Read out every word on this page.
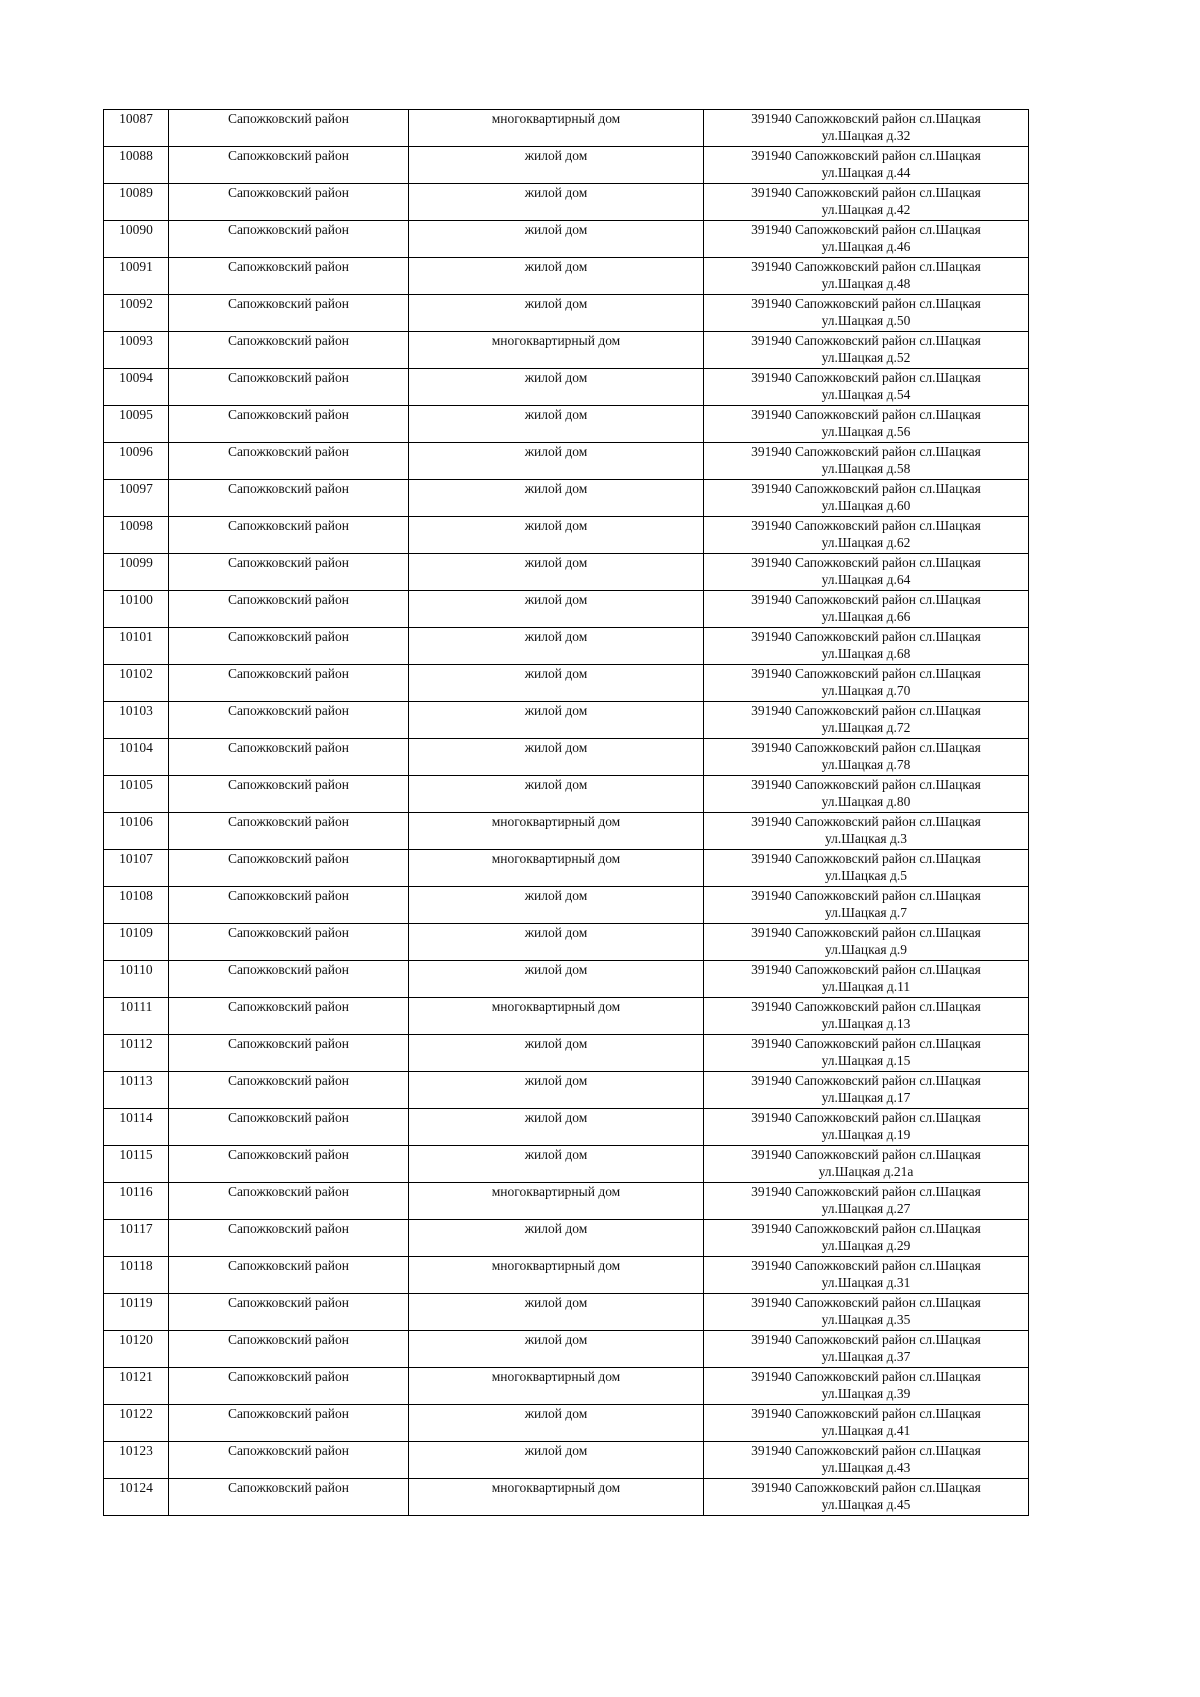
10087	Сапожковский район	многоквартирный дом	391940 Сапожковский район сл.Шацкая
ул.Шацкая д.32

10088	Сапожковский район	жилой дом	391940 Сапожковский район сл.Шацкая
ул.Шацкая д.44

10089	Сапожковский район	жилой дом	391940 Сапожковский район сл.Шацкая
ул.Шацкая д.42

10090	Сапожковский район	жилой дом	391940 Сапожковский район сл.Шацкая
ул.Шацкая д.46

10091	Сапожковский район	жилой дом	391940 Сапожковский район сл.Шацкая
ул.Шацкая д.48

10092	Сапожковский район	жилой дом	391940 Сапожковский район сл.Шацкая
ул.Шацкая д.50

10093	Сапожковский район	многоквартирный дом	391940 Сапожковский район сл.Шацкая
ул.Шацкая д.52

10094	Сапожковский район	жилой дом	391940 Сапожковский район сл.Шацкая
ул.Шацкая д.54

10095	Сапожковский район	жилой дом	391940 Сапожковский район сл.Шацкая
ул.Шацкая д.56

10096	Сапожковский район	жилой дом	391940 Сапожковский район сл.Шацкая
ул.Шацкая д.58

10097	Сапожковский район	жилой дом	391940 Сапожковский район сл.Шацкая
ул.Шацкая д.60

10098	Сапожковский район	жилой дом	391940 Сапожковский район сл.Шацкая
ул.Шацкая д.62

10099	Сапожковский район	жилой дом	391940 Сапожковский район сл.Шацкая
ул.Шацкая д.64

10100	Сапожковский район	жилой дом	391940 Сапожковский район сл.Шацкая
ул.Шацкая д.66

10101	Сапожковский район	жилой дом	391940 Сапожковский район сл.Шацкая
ул.Шацкая д.68

10102	Сапожковский район	жилой дом	391940 Сапожковский район сл.Шацкая
ул.Шацкая д.70

10103	Сапожковский район	жилой дом	391940 Сапожковский район сл.Шацкая
ул.Шацкая д.72

10104	Сапожковский район	жилой дом	391940 Сапожковский район сл.Шацкая
ул.Шацкая д.78

10105	Сапожковский район	жилой дом	391940 Сапожковский район сл.Шацкая
ул.Шацкая д.80

10106	Сапожковский район	многоквартирный дом	391940 Сапожковский район сл.Шацкая
ул.Шацкая д.3

10107	Сапожковский район	многоквартирный дом	391940 Сапожковский район сл.Шацкая
ул.Шацкая д.5

10108	Сапожковский район	жилой дом	391940 Сапожковский район сл.Шацкая
ул.Шацкая д.7

10109	Сапожковский район	жилой дом	391940 Сапожковский район сл.Шацкая
ул.Шацкая д.9

10110	Сапожковский район	жилой дом	391940 Сапожковский район сл.Шацкая
ул.Шацкая д.11

10111	Сапожковский район	многоквартирный дом	391940 Сапожковский район сл.Шацкая
ул.Шацкая д.13

10112	Сапожковский район	жилой дом	391940 Сапожковский район сл.Шацкая
ул.Шацкая д.15

10113	Сапожковский район	жилой дом	391940 Сапожковский район сл.Шацкая
ул.Шацкая д.17

10114	Сапожковский район	жилой дом	391940 Сапожковский район сл.Шацкая
ул.Шацкая д.19

10115	Сапожковский район	жилой дом	391940 Сапожковский район сл.Шацкая
ул.Шацкая д.21а

10116	Сапожковский район	многоквартирный дом	391940 Сапожковский район сл.Шацкая
ул.Шацкая д.27

10117	Сапожковский район	жилой дом	391940 Сапожковский район сл.Шацкая
ул.Шацкая д.29

10118	Сапожковский район	многоквартирный дом	391940 Сапожковский район сл.Шацкая
ул.Шацкая д.31

10119	Сапожковский район	жилой дом	391940 Сапожковский район сл.Шацкая
ул.Шацкая д.35

10120	Сапожковский район	жилой дом	391940 Сапожковский район сл.Шацкая
ул.Шацкая д.37

10121	Сапожковский район	многоквартирный дом	391940 Сапожковский район сл.Шацкая
ул.Шацкая д.39

10122	Сапожковский район	жилой дом	391940 Сапожковский район сл.Шацкая
ул.Шацкая д.41

10123	Сапожковский район	жилой дом	391940 Сапожковский район сл.Шацкая
ул.Шацкая д.43

10124	Сапожковский район	многоквартирный дом	391940 Сапожковский район сл.Шацкая
ул.Шацкая д.45
